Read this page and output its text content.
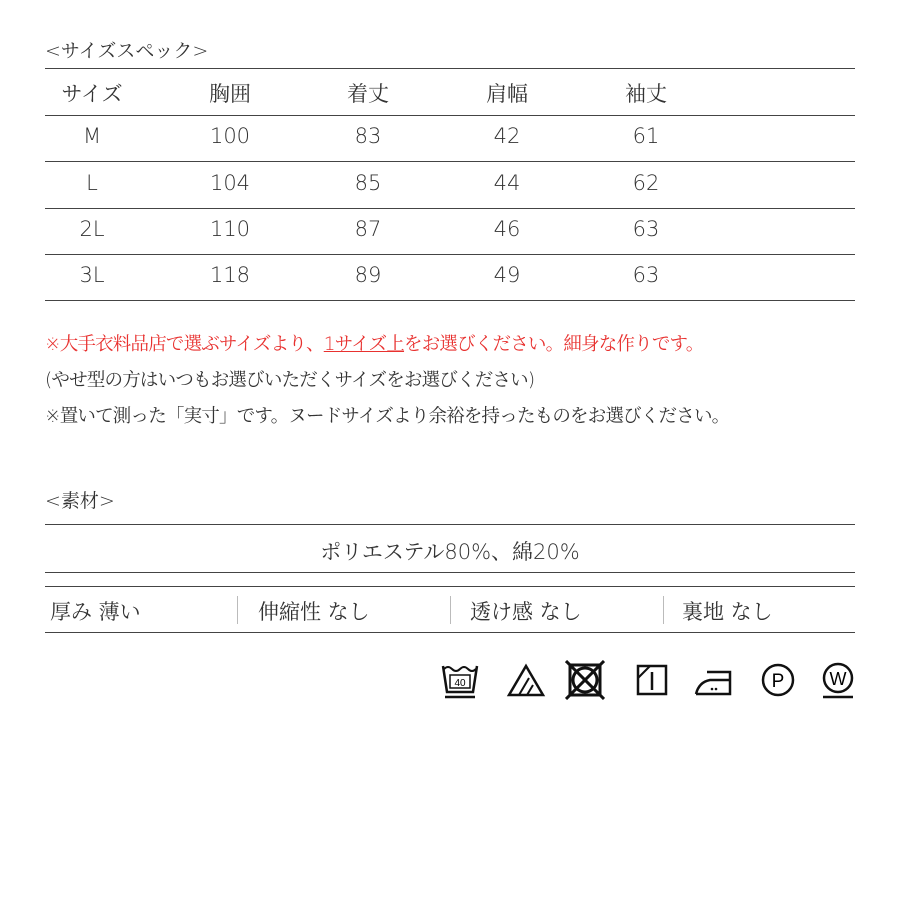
<サイズスペック>
サイズ	胸囲	着丈	肩幅	袖丈
M	100	83	42	61
L	104	85	44	62
2L	110	87	46	63
3L	118	89	49	63
※大手衣料品店で選ぶサイズより、1サイズ上をお選びください。細身な作りです。
(やせ型の方はいつもお選びいただくサイズをお選びください)
※置いて測った「実寸」です。ヌードサイズより余裕を持ったものをお選びください。
<素材>
ポリエステル80%、綿20%
厚み 薄い	伸縮性 なし	透け感 なし	裏地 なし
40	P	W
